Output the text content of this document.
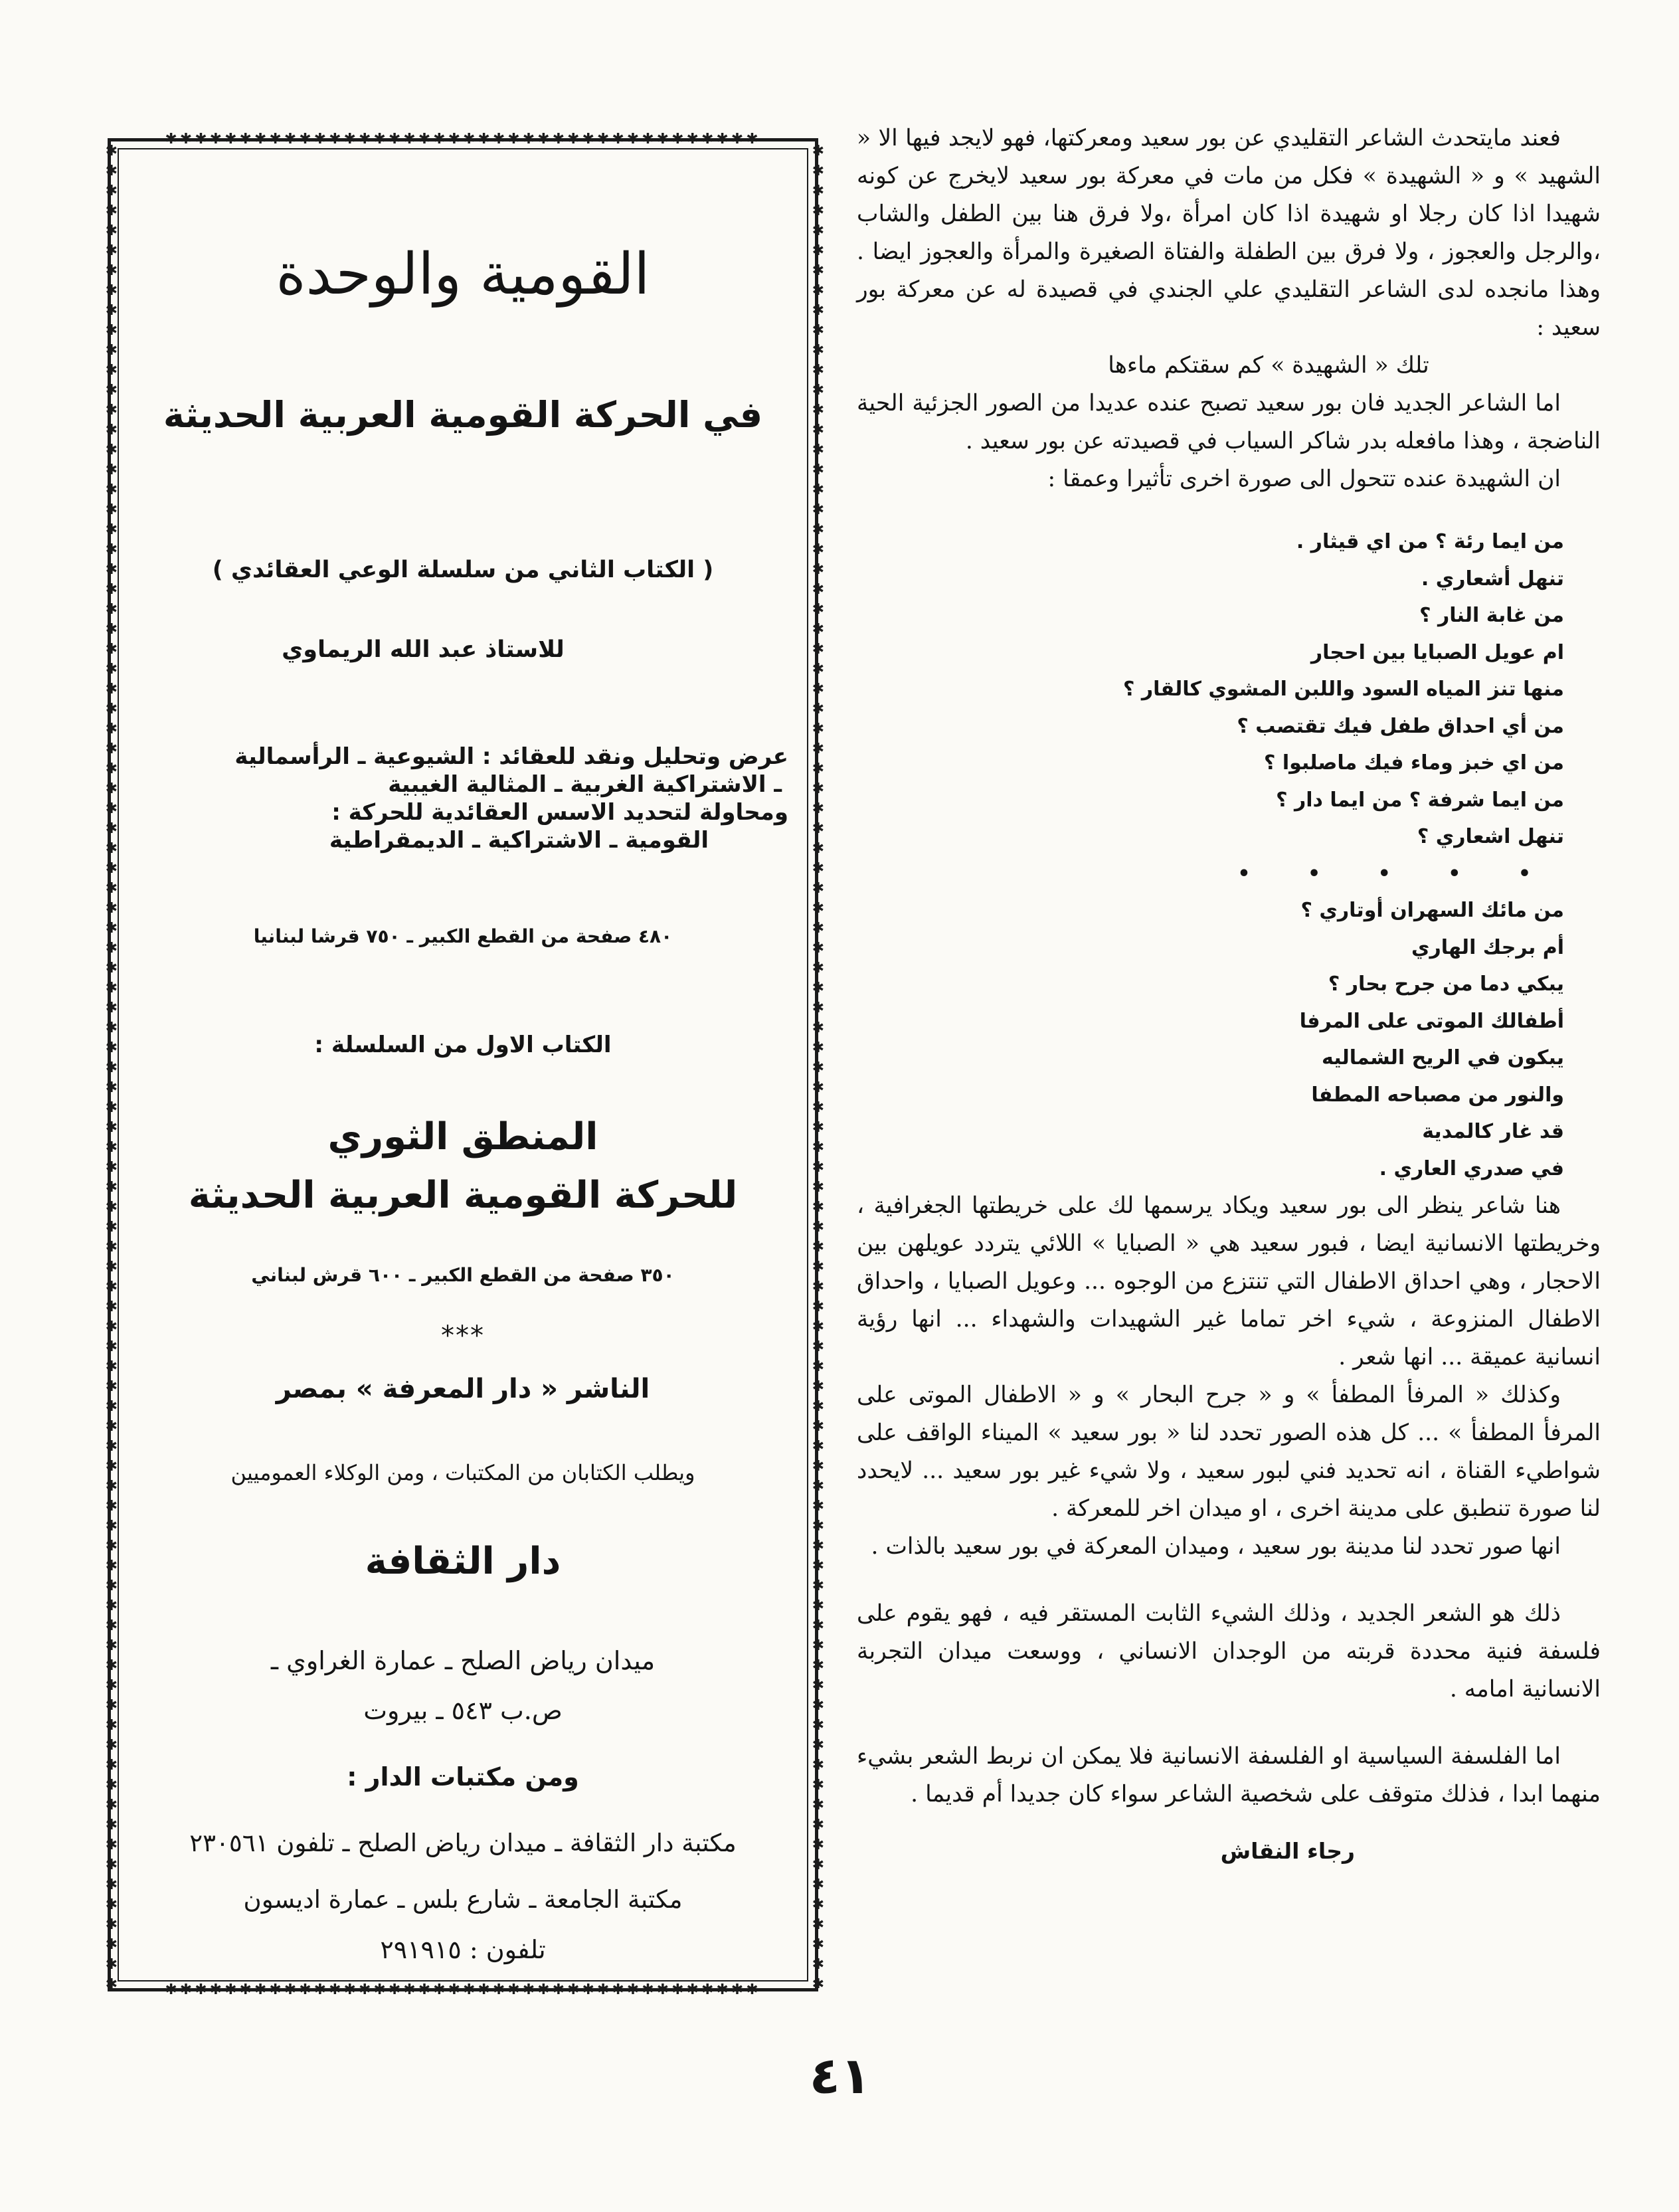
فعند مايتحدث الشاعر التقليدي عن بور سعيد ومعركتها، فهو لايجد فيها الا « الشهيد » و « الشهيدة » فكل من مات في معركة بور سعيد لايخرج عن كونه شهيدا اذا كان رجلا او شهيدة اذا كان امرأة ،ولا فرق هنا بين الطفل والشاب ،والرجل والعجوز ، ولا فرق بين الطفلة والفتاة الصغيرة والمرأة والعجوز ايضا . وهذا مانجده لدى الشاعر التقليدي علي الجندي في قصيدة له عن معركة بور سعيد :

تلك « الشهيدة » كم سقتكم ماءها

اما الشاعر الجديد فان بور سعيد تصبح عنده عديدا من الصور الجزئية الحية الناضجة ، وهذا مافعله بدر شاكر السياب في قصيدته عن بور سعيد .

ان الشهيدة عنده تتحول الى صورة اخرى تأثيرا وعمقا :

من ايما رئة ؟ من اي قيثار .
تنهل أشعاري .
من غابة النار ؟
ام عويل الصبايا بين احجار
منها تنز المياه السود واللبن المشوي كالقار ؟
من أي احداق طفل فيك تقتصب ؟
من اي خبز وماء فيك ماصلبوا ؟
من ايما شرفة ؟ من ايما دار ؟
تنهل اشعاري ؟
• • • • •
من مائك السهران أوتاري ؟
أم برجك الهاري
يبكي دما من جرح بحار ؟
أطفالك الموتى على المرفا
يبكون في الريح الشماليه
والنور من مصباحه المطفا
قد غار كالمدية
في صدري العاري .

هنا شاعر ينظر الى بور سعيد ويكاد يرسمها لك على خريطتها الجغرافية ، وخريطتها الانسانية ايضا ، فبور سعيد هي « الصبايا » اللائي يتردد عويلهن بين الاحجار ، وهي احداق الاطفال التي تنتزع من الوجوه ... وعويل الصبايا ، واحداق الاطفال المنزوعة ، شيء اخر تماما غير الشهيدات والشهداء ... انها رؤية انسانية عميقة ... انها شعر .

وكذلك « المرفأ المطفأ » و « جرح البحار » و « الاطفال الموتى على المرفأ المطفأ » ... كل هذه الصور تحدد لنا « بور سعيد » الميناء الواقف على شواطيء القناة ، انه تحديد فني لبور سعيد ، ولا شيء غير بور سعيد ... لايحدد لنا صورة تنطبق على مدينة اخرى ، او ميدان اخر للمعركة .

انها صور تحدد لنا مدينة بور سعيد ، وميدان المعركة في بور سعيد بالذات .

ذلك هو الشعر الجديد ، وذلك الشيء الثابت المستقر فيه ، فهو يقوم على فلسفة فنية محددة قربته من الوجدان الانساني ، ووسعت ميدان التجربة الانسانية امامه .

اما الفلسفة السياسية او الفلسفة الانسانية فلا يمكن ان نربط الشعر بشيء منهما ابدا ، فذلك متوقف على شخصية الشاعر سواء كان جديدا أم قديما .

رجاء النقاش
✱✱✱✱✱✱✱✱✱✱✱✱✱✱✱✱✱✱✱✱✱✱✱✱✱✱✱✱✱✱✱✱✱✱✱✱✱✱✱✱
✱✱✱✱✱✱✱✱✱✱✱✱✱✱✱✱✱✱✱✱✱✱✱✱✱✱✱✱✱✱✱✱✱✱✱✱✱✱✱✱
✱✱✱✱✱✱✱✱✱✱✱✱✱✱✱✱✱✱✱✱✱✱✱✱✱✱✱✱✱✱✱✱✱✱✱✱✱✱✱✱✱✱✱✱✱✱✱✱✱✱✱✱✱✱✱✱✱✱✱✱✱✱✱✱✱✱✱✱✱✱✱✱✱✱✱✱✱✱✱✱✱✱✱✱✱✱✱✱✱✱✱✱✱
✱✱✱✱✱✱✱✱✱✱✱✱✱✱✱✱✱✱✱✱✱✱✱✱✱✱✱✱✱✱✱✱✱✱✱✱✱✱✱✱✱✱✱✱✱✱✱✱✱✱✱✱✱✱✱✱✱✱✱✱✱✱✱✱✱✱✱✱✱✱✱✱✱✱✱✱✱✱✱✱✱✱✱✱✱✱✱✱✱✱✱✱✱
القومية والوحدة
في الحركة القومية العربية الحديثة
( الكتاب الثاني من سلسلة الوعي العقائدي )
للاستاذ عبد الله الريماوي
عرض وتحليل ونقد للعقائد : الشيوعية ـ الرأسمالية
ـ الاشتراكية الغربية ـ المثالية الغيبية
ومحاولة لتحديد الاسس العقائدية للحركة :
القومية ـ الاشتراكية ـ الديمقراطية
٤٨٠ صفحة من القطع الكبير ـ ٧٥٠ قرشا لبنانيا
الكتاب الاول من السلسلة :
المنطق الثوري
للحركة القومية العربية الحديثة
٣٥٠ صفحة من القطع الكبير ـ ٦٠٠ قرش لبناني
***
الناشر « دار المعرفة » بمصر
ويطلب الكتابان من المكتبات ، ومن الوكلاء العموميين
دار الثقافة
ميدان رياض الصلح ـ عمارة الغراوي ـ
ص.ب ٥٤٣ ـ بيروت
ومن مكتبات الدار :
مكتبة دار الثقافة ـ ميدان رياض الصلح ـ تلفون ٢٣٠٥٦١
مكتبة الجامعة ـ شارع بلس ـ عمارة اديسون
تلفون : ٢٩١٩١٥
٤١
